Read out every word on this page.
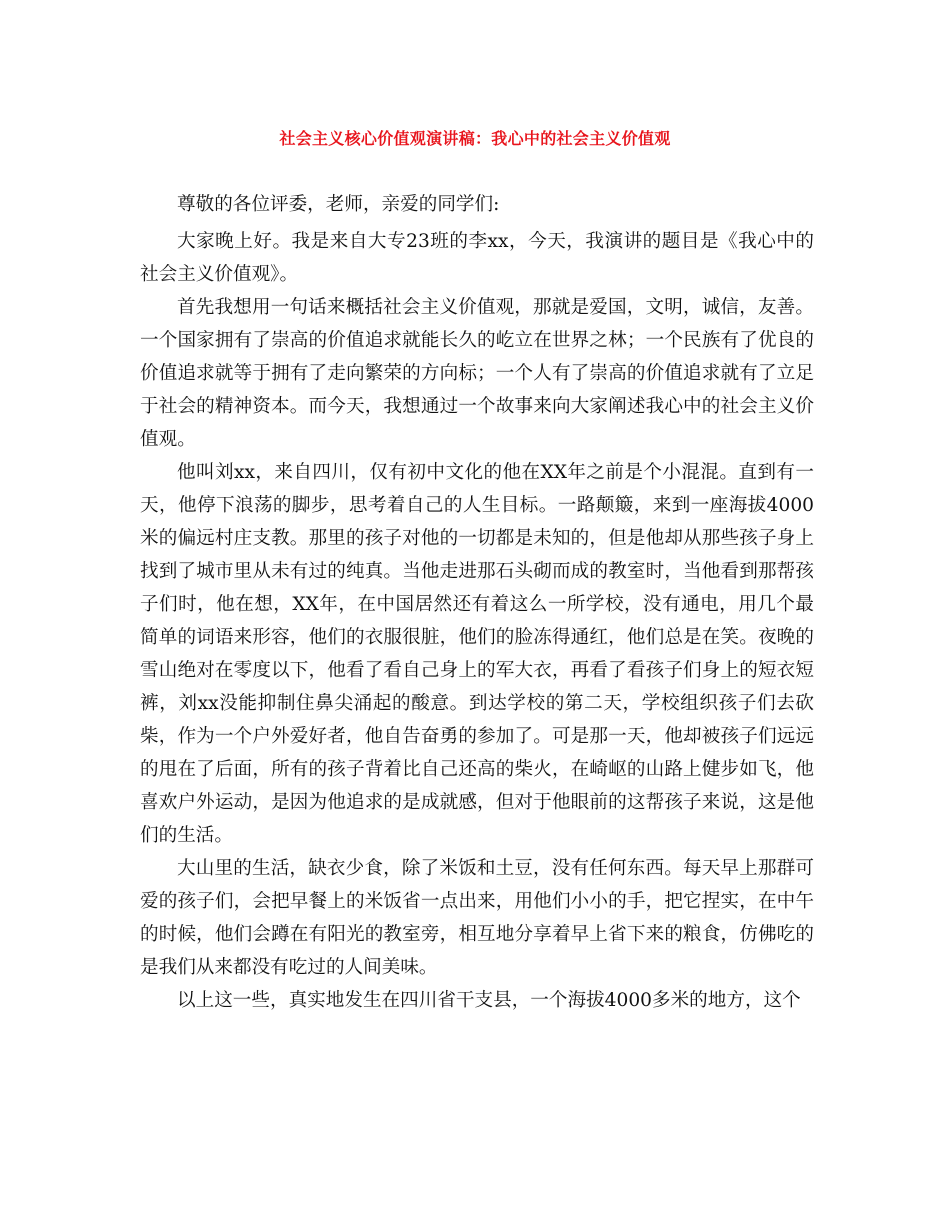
社会主义核心价值观演讲稿：我心中的社会主义价值观

尊敬的各位评委，老师，亲爱的同学们:

大家晚上好。我是来自大专23班的李xx，今天，我演讲的题目是《我心中的社会主义价值观》。

首先我想用一句话来概括社会主义价值观，那就是爱国，文明，诚信，友善。一个国家拥有了崇高的价值追求就能长久的屹立在世界之林；一个民族有了优良的价值追求就等于拥有了走向繁荣的方向标；一个人有了崇高的价值追求就有了立足于社会的精神资本。而今天，我想通过一个故事来向大家阐述我心中的社会主义价值观。

他叫刘xx，来自四川，仅有初中文化的他在XX年之前是个小混混。直到有一天，他停下浪荡的脚步，思考着自己的人生目标。一路颠簸，来到一座海拔4000米的偏远村庄支教。那里的孩子对他的一切都是未知的，但是他却从那些孩子身上找到了城市里从未有过的纯真。当他走进那石头砌而成的教室时，当他看到那帮孩子们时，他在想，XX年，在中国居然还有着这么一所学校，没有通电，用几个最简单的词语来形容，他们的衣服很脏，他们的脸冻得通红，他们总是在笑。夜晚的雪山绝对在零度以下，他看了看自己身上的军大衣，再看了看孩子们身上的短衣短裤，刘xx没能抑制住鼻尖涌起的酸意。到达学校的第二天，学校组织孩子们去砍柴，作为一个户外爱好者，他自告奋勇的参加了。可是那一天，他却被孩子们远远的甩在了后面，所有的孩子背着比自己还高的柴火，在崎岖的山路上健步如飞，他喜欢户外运动，是因为他追求的是成就感，但对于他眼前的这帮孩子来说，这是他们的生活。

大山里的生活，缺衣少食，除了米饭和土豆，没有任何东西。每天早上那群可爱的孩子们，会把早餐上的米饭省一点出来，用他们小小的手，把它捏实，在中午的时候，他们会蹲在有阳光的教室旁，相互地分享着早上省下来的粮食，仿佛吃的是我们从来都没有吃过的人间美味。

以上这一些，真实地发生在四川省干支县，一个海拔4000多米的地方，这个
